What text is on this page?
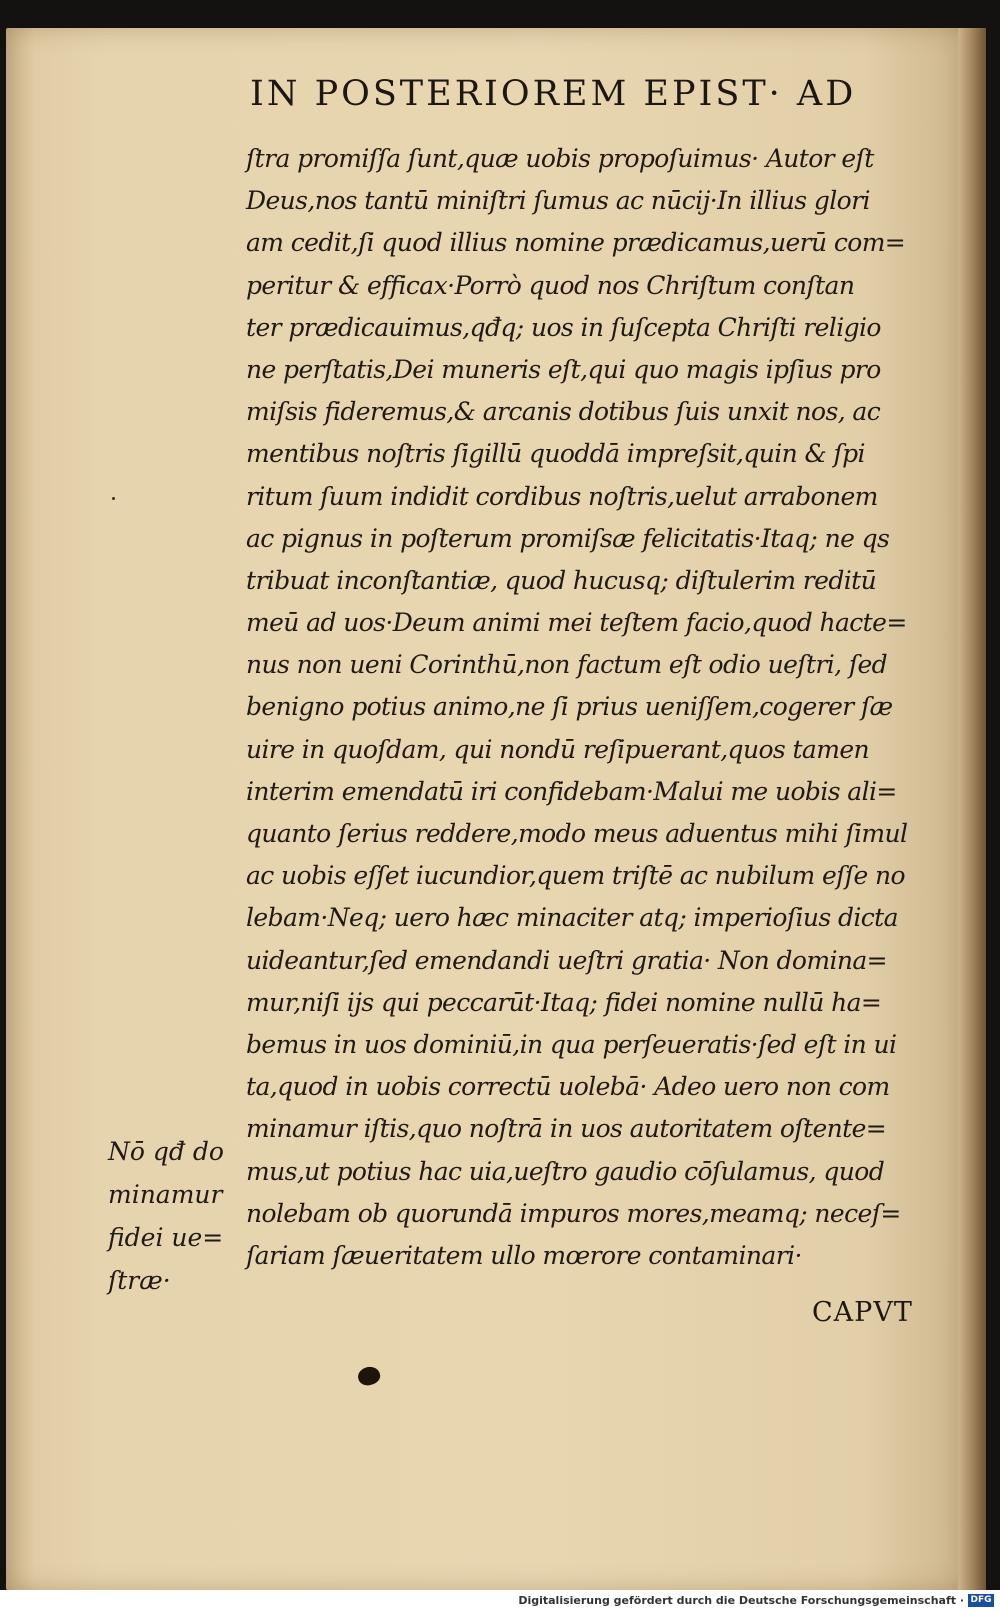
IN POSTERIOREM EPIST· AD
ſtra promiſſa ſunt,quæ uobis propoſuimus· Autor eſt
Deus,nos tantū miniſtri ſumus ac nūcij·In illius glori
am cedit,ſi quod illius nomine prædicamus,uerū com=
peritur & efficax·Porrò quod nos Chriſtum conſtan
ter prædicauimus,qđq; uos in ſuſcepta Chriſti religio
ne perſtatis,Dei muneris eſt,qui quo magis ipſius pro
miſsis fideremus,& arcanis dotibus ſuis unxit nos, ac
mentibus noſtris ſigillū quoddā impreſsit,quin & ſpi
ritum ſuum indidit cordibus noſtris,uelut arrabonem
ac pignus in poſterum promiſsæ felicitatis·Itaq; ne qs
tribuat inconſtantiæ, quod hucusq; diſtulerim reditū
meū ad uos·Deum animi mei teſtem facio,quod hacte=
nus non ueni Corinthū,non factum eſt odio ueſtri, ſed
benigno potius animo,ne ſi prius ueniſſem,cogerer ſæ
uire in quoſdam, qui nondū reſipuerant,quos tamen
interim emendatū iri confidebam·Malui me uobis ali=
quanto ſerius reddere,modo meus aduentus mihi ſimul
ac uobis eſſet iucundior,quem triſtē ac nubilum eſſe no
lebam·Neq; uero hæc minaciter atq; imperioſius dicta
uideantur,ſed emendandi ueſtri gratia· Non domina=
mur,niſi ijs qui peccarūt·Itaq; fidei nomine nullū ha=
bemus in uos dominiū,in qua perſeueratis·ſed eſt in ui
ta,quod in uobis correctū uolebā· Adeo uero non com
minamur iſtis,quo noſtrā in uos autoritatem oſtente=
mus,ut potius hac uia,ueſtro gaudio cōſulamus, quod
nolebam ob quorundā impuros mores,meamq; neceſ=
ſariam ſæueritatem ullo mœrore contaminari·
Nō qđ do
minamur
fidei ue=
ſtræ·
CAPVT
Digitalisierung gefördert durch die Deutsche Forschungsgemeinschaft · DFG
